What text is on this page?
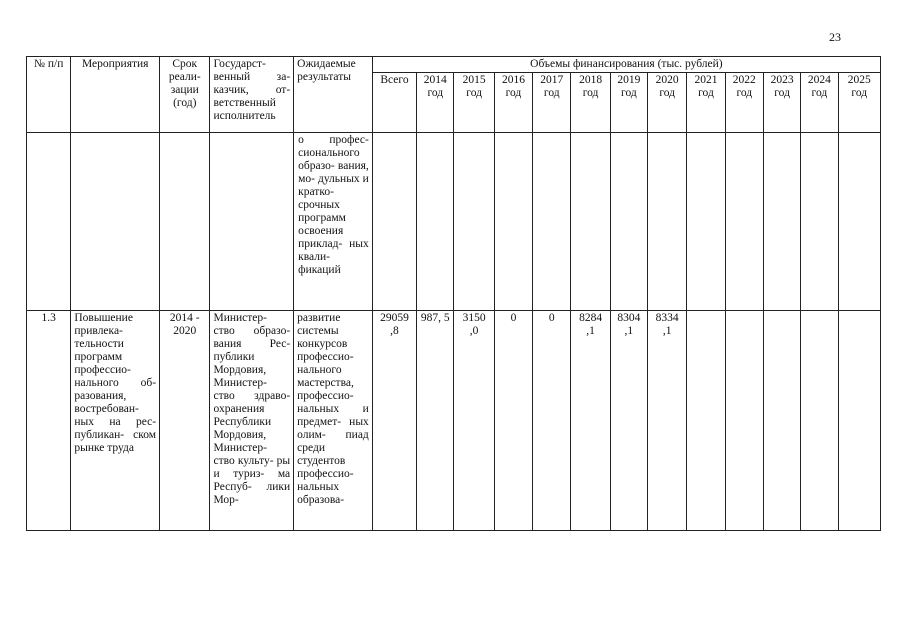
23
№ п/п	Мероприятия	Срок реали- зации (год)	Государст- венный за- казчик, от- ветственный исполнитель	Ожидаемые результаты	Объемы финансирования (тыс. рублей)												
					Всего	2014 год	2015 год	2016 год	2017 год	2018 год	2019 год	2020 год	2021 год	2022 год	2023 год	2024 год	2025 год
				о профес- сионального образо- вания, мо- дульных и кратко- срочных программ освоения приклад- ных квали- фикаций													
1.3	Повышение привлека- тельности программ профессио- нального об- разования, востребован- ных на рес- публикан- ском рынке труда	2014 - 2020	Министер- ство образо- вания Рес- публики Мордовия, Министер- ство здраво- охранения Республики Мордовия, Министер- ство культу- ры и туриз- ма Респуб- лики Мор-	развитие системы конкурсов профессио- нального мастерства, профессио- нальных и предмет- ных олим- пиад среди студентов профессио- нальных образова-	29059 ,8	987, 5	3150 ,0	0	0	8284 ,1	8304 ,1	8334 ,1					
